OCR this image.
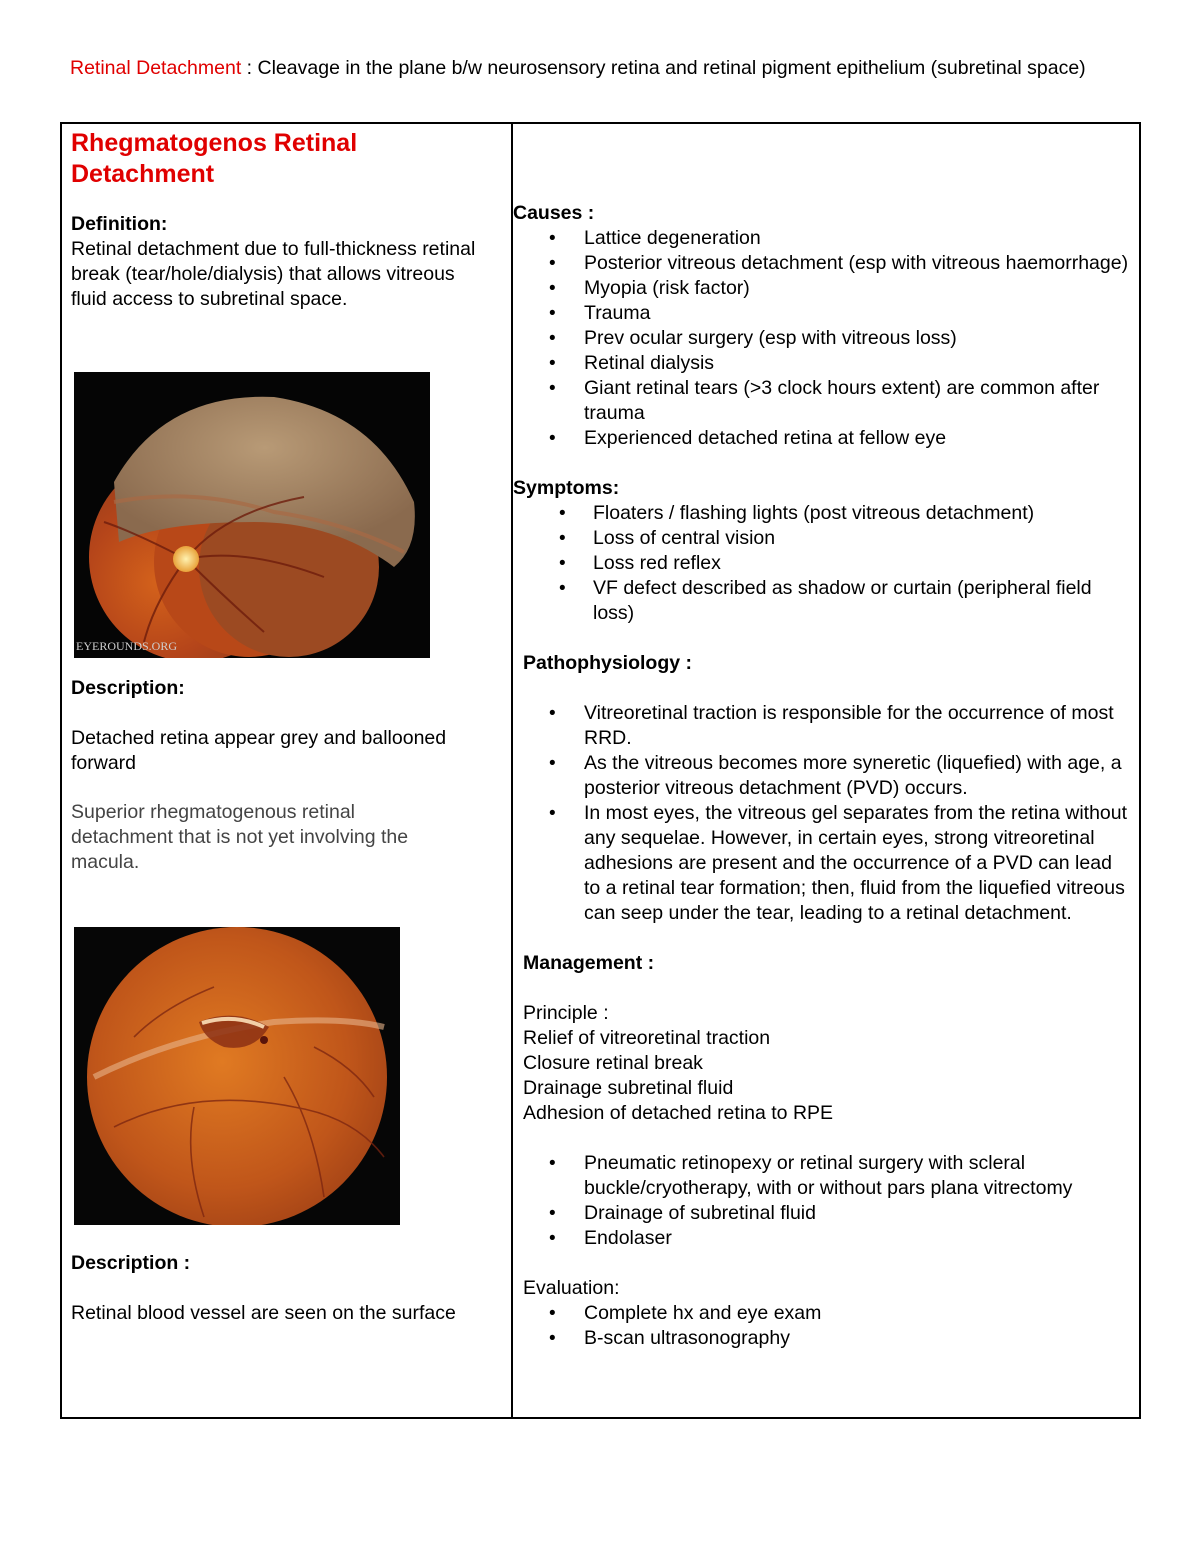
Retinal Detachment : Cleavage in the plane b/w neurosensory retina and retinal pigment epithelium (subretinal space)
Rhegmatogenos Retinal Detachment
Definition:
Retinal detachment due to full-thickness retinal break (tear/hole/dialysis) that allows vitreous fluid access to subretinal space.
EYEROUNDS.ORG
Description:
Detached retina appear grey and ballooned forward
Superior rhegmatogenous retinal detachment that is not yet involving the macula.
Description :
Retinal blood vessel are seen on the surface

Causes :
• Lattice degeneration
• Posterior vitreous detachment (esp with vitreous haemorrhage)
• Myopia (risk factor)
• Trauma
• Prev ocular surgery (esp with vitreous loss)
• Retinal dialysis
• Giant retinal tears (>3 clock hours extent) are common after trauma
• Experienced detached retina at fellow eye
Symptoms:
• Floaters / flashing lights (post vitreous detachment)
• Loss of central vision
• Loss red reflex
• VF defect described as shadow or curtain (peripheral field loss)
Pathophysiology :
• Vitreoretinal traction is responsible for the occurrence of most RRD.
• As the vitreous becomes more syneretic (liquefied) with age, a posterior vitreous detachment (PVD) occurs.
• In most eyes, the vitreous gel separates from the retina without any sequelae. However, in certain eyes, strong vitreoretinal adhesions are present and the occurrence of a PVD can lead to a retinal tear formation; then, fluid from the liquefied vitreous can seep under the tear, leading to a retinal detachment.
Management :
Principle :
Relief of vitreoretinal traction
Closure retinal break
Drainage subretinal fluid
Adhesion of detached retina to RPE
• Pneumatic retinopexy or retinal surgery with scleral buckle/cryotherapy, with or without pars plana vitrectomy
• Drainage of subretinal fluid
• Endolaser
Evaluation:
• Complete hx and eye exam
• B-scan ultrasonography
